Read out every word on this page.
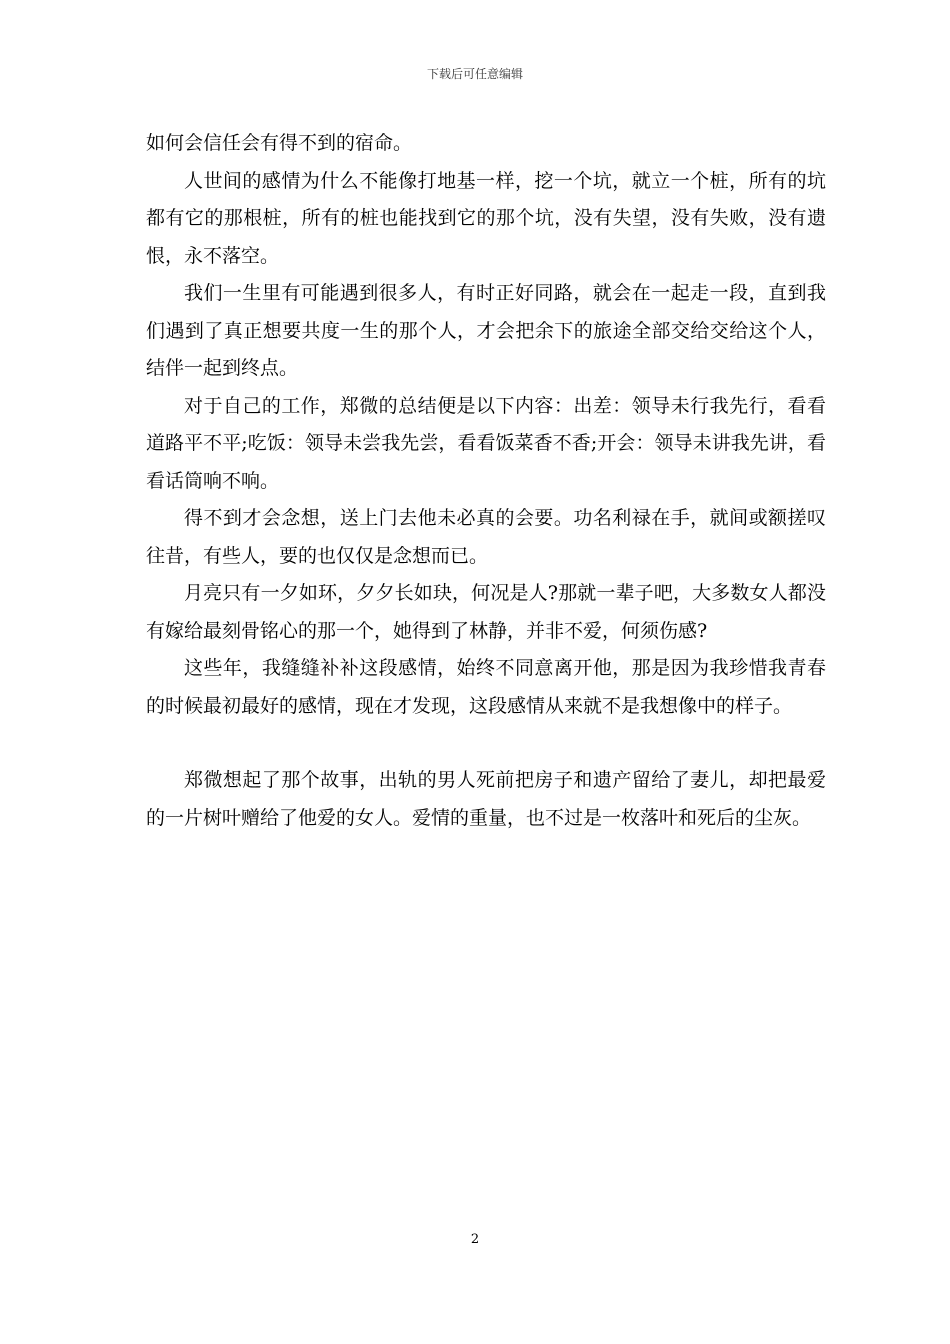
下载后可任意编辑

如何会信任会有得不到的宿命。

人世间的感情为什么不能像打地基一样，挖一个坑，就立一个桩，所有的坑都有它的那根桩，所有的桩也能找到它的那个坑，没有失望，没有失败，没有遗恨，永不落空。

我们一生里有可能遇到很多人，有时正好同路，就会在一起走一段，直到我们遇到了真正想要共度一生的那个人，才会把余下的旅途全部交给交给这个人，结伴一起到终点。

对于自己的工作，郑微的总结便是以下内容：出差：领导未行我先行，看看道路平不平;吃饭：领导未尝我先尝，看看饭菜香不香;开会：领导未讲我先讲，看看话筒响不响。

得不到才会念想，送上门去他未必真的会要。功名利禄在手，就间或额搓叹往昔，有些人，要的也仅仅是念想而已。

月亮只有一夕如环，夕夕长如玦，何况是人?那就一辈子吧，大多数女人都没有嫁给最刻骨铭心的那一个，她得到了林静，并非不爱，何须伤感?

这些年，我缝缝补补这段感情，始终不同意离开他，那是因为我珍惜我青春的时候最初最好的感情，现在才发现，这段感情从来就不是我想像中的样子。

郑微想起了那个故事，出轨的男人死前把房子和遗产留给了妻儿，却把最爱的一片树叶赠给了他爱的女人。爱情的重量，也不过是一枚落叶和死后的尘灰。

2
